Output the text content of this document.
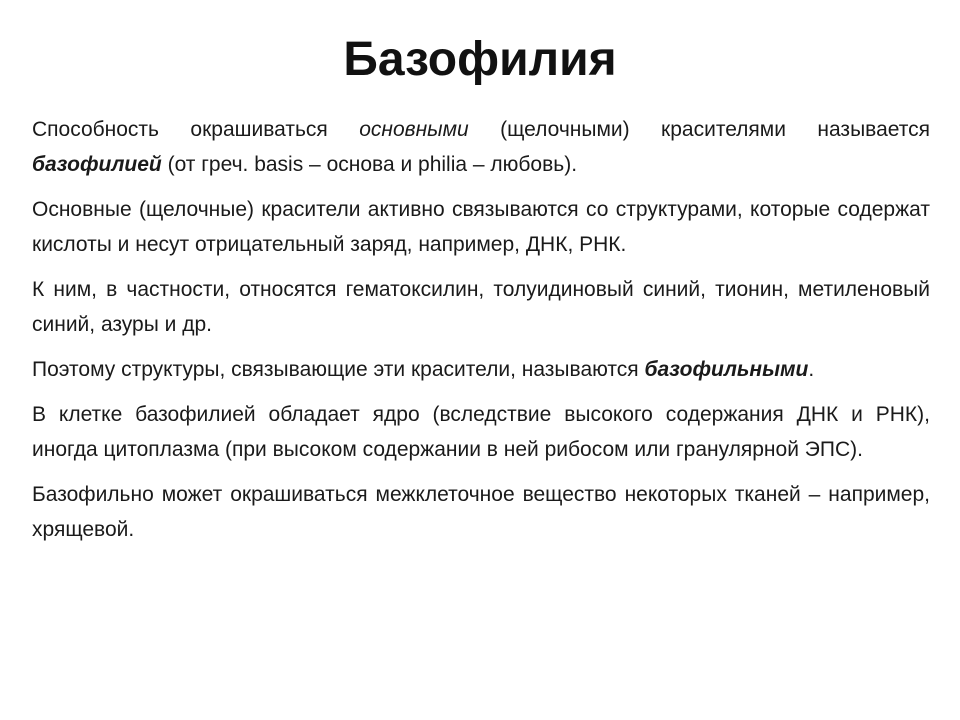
Базофилия

Способность окрашиваться основными (щелочными) красителями называется базофилией (от греч. basis – основа и philia – любовь).

Основные (щелочные) красители активно связываются со структурами, которые содержат кислоты и несут отрицательный заряд, например, ДНК, РНК.

К ним, в частности, относятся гематоксилин, толуидиновый синий, тионин, метиленовый синий, азуры и др.

Поэтому структуры, связывающие эти красители, называются базофильными.

В клетке базофилией обладает ядро (вследствие высокого содержания ДНК и РНК), иногда цитоплазма (при высоком содержании в ней рибосом или гранулярной ЭПС).

Базофильно может окрашиваться межклеточное вещество некоторых тканей – например, хрящевой.
